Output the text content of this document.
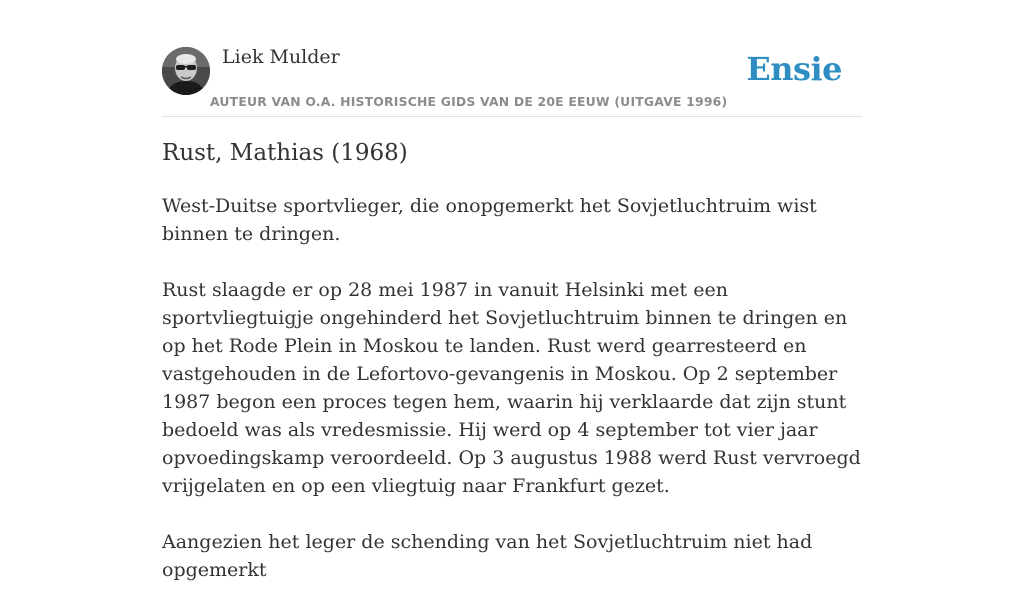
Liek Mulder
AUTEUR VAN O.A. HISTORISCHE GIDS VAN DE 20E EEUW (UITGAVE 1996)
Ensie
Rust, Mathias (1968)

West-Duitse sportvlieger, die onopgemerkt het Sovjetluchtruim wist binnen te dringen.

Rust slaagde er op 28 mei 1987 in vanuit Helsinki met een sportvliegtuigje ongehinderd het Sovjetluchtruim binnen te dringen en op het Rode Plein in Moskou te landen. Rust werd gearresteerd en vastgehouden in de Lefortovo-gevangenis in Moskou. Op 2 september 1987 begon een proces tegen hem, waarin hij verklaarde dat zijn stunt bedoeld was als vredesmissie. Hij werd op 4 september tot vier jaar opvoedingskamp veroordeeld. Op 3 augustus 1988 werd Rust vervroegd vrijgelaten en op een vliegtuig naar Frankfurt gezet.

Aangezien het leger de schending van het Sovjetluchtruim niet had opgemerkt
